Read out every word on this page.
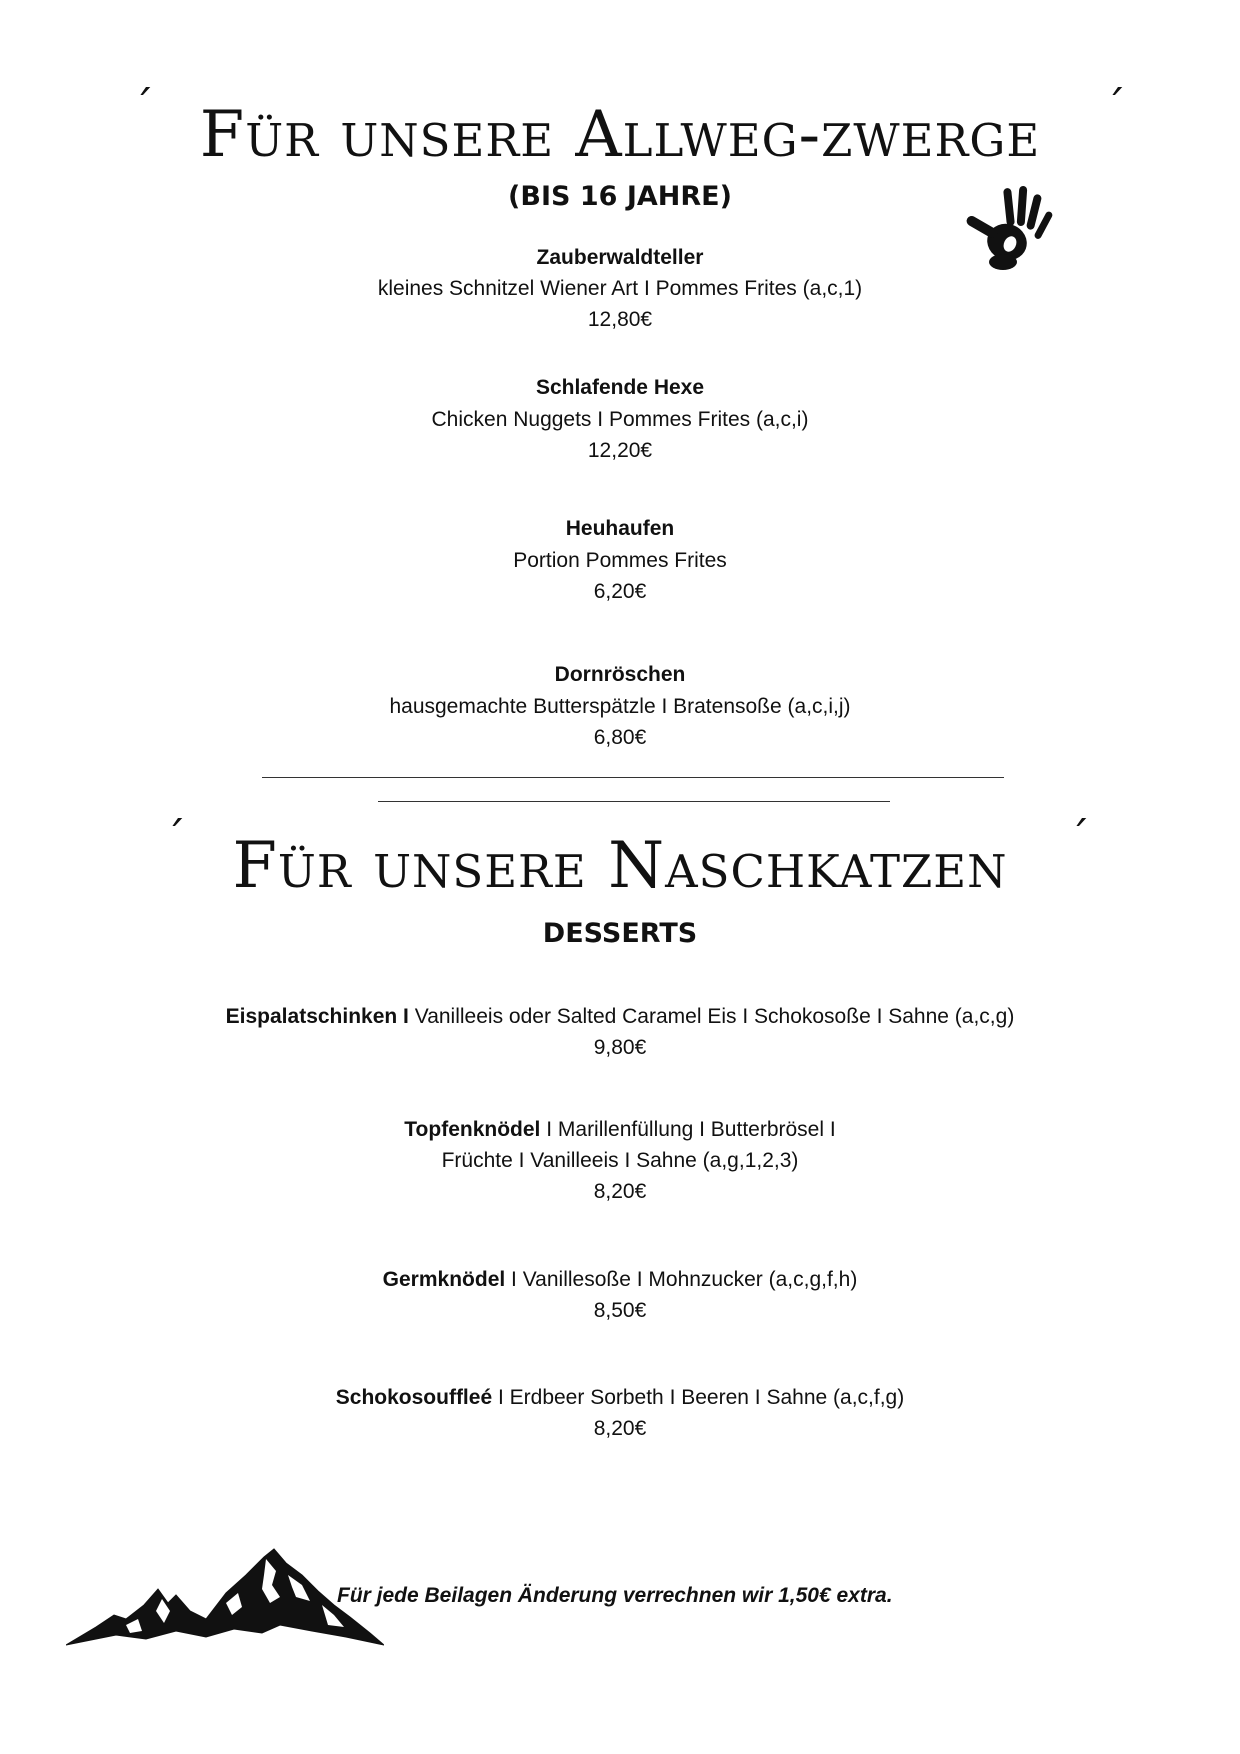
´ Für unsere Allweg-zwerge	´
(BIS 16 JAHRE)
Zauberwaldteller
kleines Schnitzel Wiener Art I Pommes Frites (a,c,1)
12,80€
Schlafende Hexe
Chicken Nuggets I Pommes Frites (a,c,i)
12,20€
Heuhaufen
Portion Pommes Frites
6,20€
Dornröschen
hausgemachte Butterspätzle I Bratensoße (a,c,i,j)
6,80€
´ Für unsere Naschkatzen	´
DESSERTS
Eispalatschinken I Vanilleeis oder Salted Caramel Eis I Schokosoße I Sahne (a,c,g)
9,80€
Topfenknödel I Marillenfüllung I Butterbrösel I
Früchte I Vanilleeis I Sahne (a,g,1,2,3)
8,20€
Germknödel I Vanillesoße I Mohnzucker (a,c,g,f,h)
8,50€
Schokosouffleé I Erdbeer Sorbeth I Beeren I Sahne (a,c,f,g)
8,20€
Für jede Beilagen Änderung verrechnen wir 1,50€ extra.
